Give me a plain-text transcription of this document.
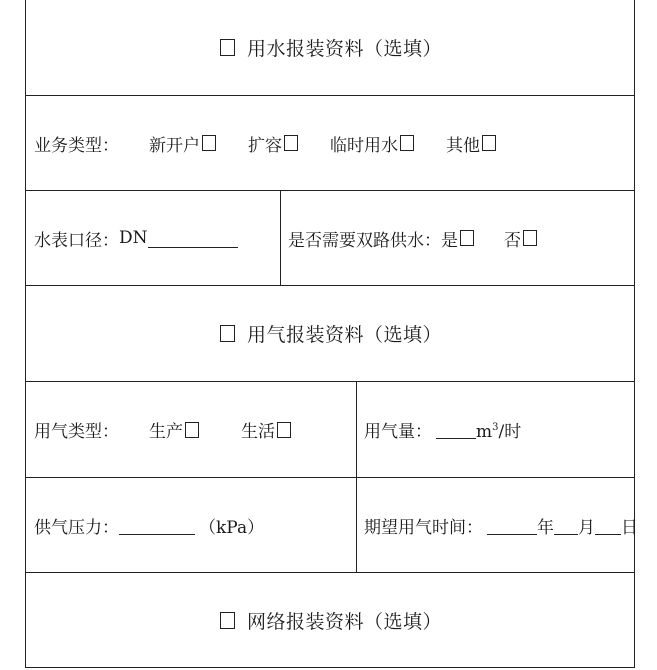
用水报装资料（选填）
业务类型： 新开户	扩容	临时用水	其他
水表口径： DN	是否需要双路供水： 是	否
用气报装资料（选填）
用气类型： 生产	生活	用气量：	$m^3/$时
供气压力：	（kPa）	期望用气时间：	年 月 日
网络报装资料（选填）
